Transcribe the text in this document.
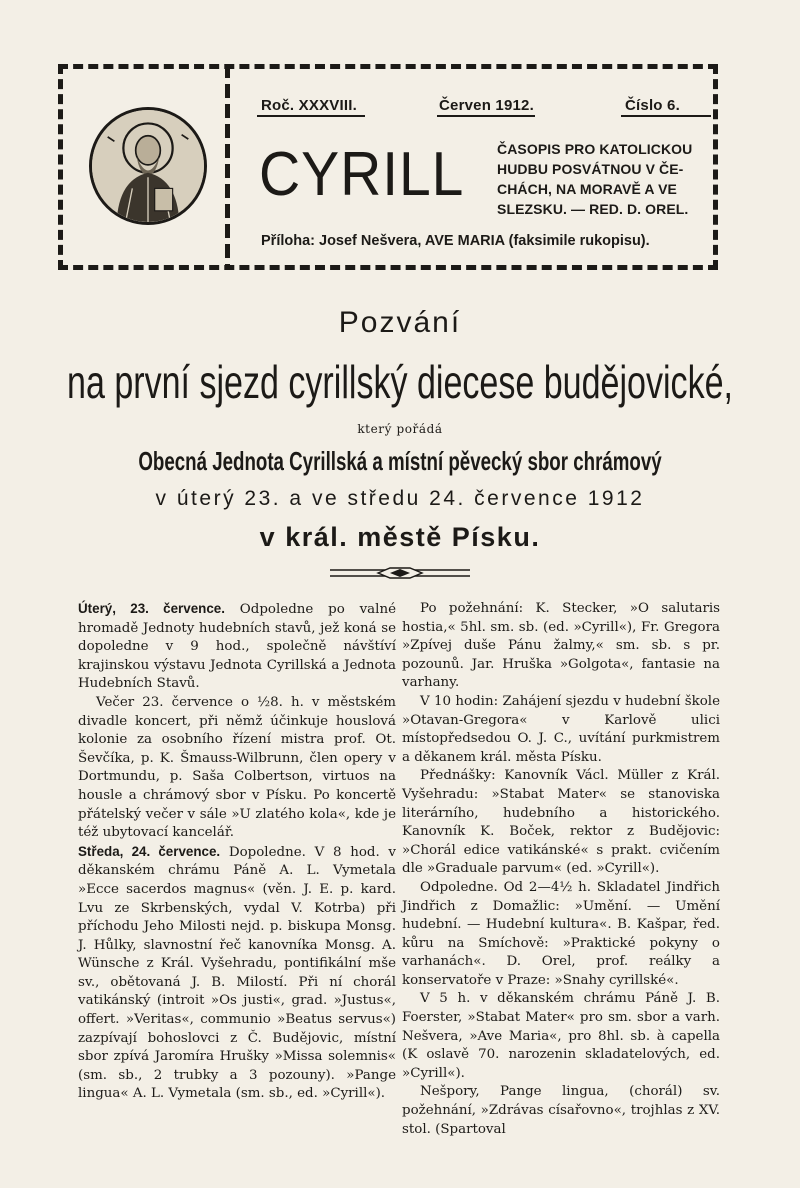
Roč. XXXVIII.	Červen 1912.	Číslo 6.
CYRILL ČASOPIS PRO KATOLICKOU
HUDBU POSVÁTNOU V ČE-
CHÁCH, NA MORAVĚ A VE
SLEZSKU. — RED. D. OREL.
Příloha: Josef Nešvera, AVE MARIA (faksimile rukopisu).
Pozvání
na první sjezd cyrillský diecese budějovické,
který pořádá
Obecná Jednota Cyrillská a místní pěvecký sbor chrámový
v úterý 23. a ve středu 24. července 1912
v král. městě Písku.

Úterý, 23. července. Odpoledne po valné hromadě Jednoty hudebních stavů, jež koná se dopoledne v 9 hod., společně návštíví krajinskou výstavu Jednota Cyrillská a Jednota Hudebních Stavů.

Večer 23. července o ½8. h. v městském divadle koncert, při němž účinkuje houslová kolonie za osobního řízení mistra prof. Ot. Ševčíka, p. K. Šmauss-Wilbrunn, člen opery v Dortmundu, p. Saša Colbertson, virtuos na housle a chrámový sbor v Písku. Po koncertě přátelský večer v sále »U zlatého kola«, kde je též ubytovací kancelář.

Středa, 24. července. Dopoledne. V 8 hod. v děkanském chrámu Páně A. L. Vymetala »Ecce sacerdos magnus« (věn. J. E. p. kard. Lvu ze Skrbenských, vydal V. Kotrba) při příchodu Jeho Milosti nejd. p. biskupa Monsg. J. Hůlky, slavnostní řeč kanovníka Monsg. A. Wünsche z Král. Vyšehradu, pontifikální mše sv., obětovaná J. B. Milostí. Při ní chorál vatikánský (introit »Os justi«, grad. »Justus«, offert. »Veritas«, communio »Beatus servus«) zazpívají bohoslovci z Č. Budějovic, místní sbor zpívá Jaromíra Hrušky »Missa solemnis« (sm. sb., 2 trubky a 3 pozouny). »Pange lingua« A. L. Vymetala (sm. sb., ed. »Cyrill«).

Po požehnání: K. Stecker, »O salutaris hostia,« 5hl. sm. sb. (ed. »Cyrill«), Fr. Gregora »Zpívej duše Pánu žalmy,« sm. sb. s pr. pozounů. Jar. Hruška »Golgota«, fantasie na varhany.

V 10 hodin: Zahájení sjezdu v hudební škole »Otavan-Gregora« v Karlově ulici místopředsedou O. J. C., uvítání purkmistrem a děkanem král. města Písku.

Přednášky: Kanovník Václ. Müller z Král. Vyšehradu: »Stabat Mater« se stanoviska literárního, hudebního a historického. Kanovník K. Boček, rektor z Budějovic: »Chorál edice vatikánské« s prakt. cvičením dle »Graduale parvum« (ed. »Cyrill«).

Odpoledne. Od 2—4½ h. Skladatel Jindřich Jindřich z Domažlic: »Umění. — Umění hudební. — Hudební kultura«. B. Kašpar, řed. kůru na Smíchově: »Praktické pokyny o varhanách«. D. Orel, prof. reálky a konservatoře v Praze: »Snahy cyrillské«.

V 5 h. v děkanském chrámu Páně J. B. Foerster, »Stabat Mater« pro sm. sbor a varh. Nešvera, »Ave Maria«, pro 8hl. sb. à capella (K oslavě 70. narozenin skladatelových, ed. »Cyrill«).

Nešpory, Pange lingua, (chorál) sv. požehnání, »Zdrávas císařovno«, trojhlas z XV. stol. (Spartoval
